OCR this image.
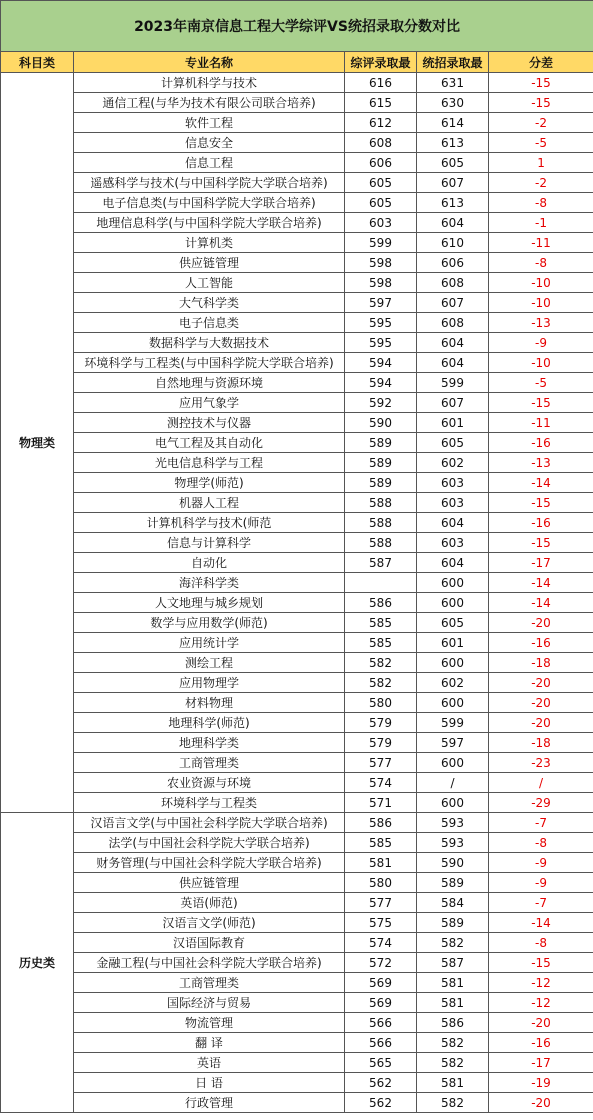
2023年南京信息工程大学综评VS统招录取分数对比				
科目类	专业名称	综评录取最	统招录取最	分差
物理类	计算机科学与技术	616	631	-15
	通信工程(与华为技术有限公司联合培养)	615	630	-15
	软件工程	612	614	-2
	信息安全	608	613	-5
	信息工程	606	605	1
	遥感科学与技术(与中国科学院大学联合培养)	605	607	-2
	电子信息类(与中国科学院大学联合培养)	605	613	-8
	地理信息科学(与中国科学院大学联合培养)	603	604	-1
	计算机类	599	610	-11
	供应链管理	598	606	-8
	人工智能	598	608	-10
	大气科学类	597	607	-10
	电子信息类	595	608	-13
	数据科学与大数据技术	595	604	-9
	环境科学与工程类(与中国科学院大学联合培养)	594	604	-10
	自然地理与资源环境	594	599	-5
	应用气象学	592	607	-15
	测控技术与仪器	590	601	-11
	电气工程及其自动化	589	605	-16
	光电信息科学与工程	589	602	-13
	物理学(师范)	589	603	-14
	机器人工程	588	603	-15
	计算机科学与技术(师范	588	604	-16
	信息与计算科学	588	603	-15
	自动化	587	604	-17
	海洋科学类		600	-14
	人文地理与城乡规划	586	600	-14
	数学与应用数学(师范)	585	605	-20
	应用统计学	585	601	-16
	测绘工程	582	600	-18
	应用物理学	582	602	-20
	材料物理	580	600	-20
	地理科学(师范)	579	599	-20
	地理科学类	579	597	-18
	工商管理类	577	600	-23
	农业资源与环境	574	/	/
	环境科学与工程类	571	600	-29
历史类	汉语言文学(与中国社会科学院大学联合培养)	586	593	-7
	法学(与中国社会科学院大学联合培养)	585	593	-8
	财务管理(与中国社会科学院大学联合培养)	581	590	-9
	供应链管理	580	589	-9
	英语(师范)	577	584	-7
	汉语言文学(师范)	575	589	-14
	汉语国际教育	574	582	-8
	金融工程(与中国社会科学院大学联合培养)	572	587	-15
	工商管理类	569	581	-12
	国际经济与贸易	569	581	-12
	物流管理	566	586	-20
	翻 译	566	582	-16
	英语	565	582	-17
	日 语	562	581	-19
	行政管理	562	582	-20
